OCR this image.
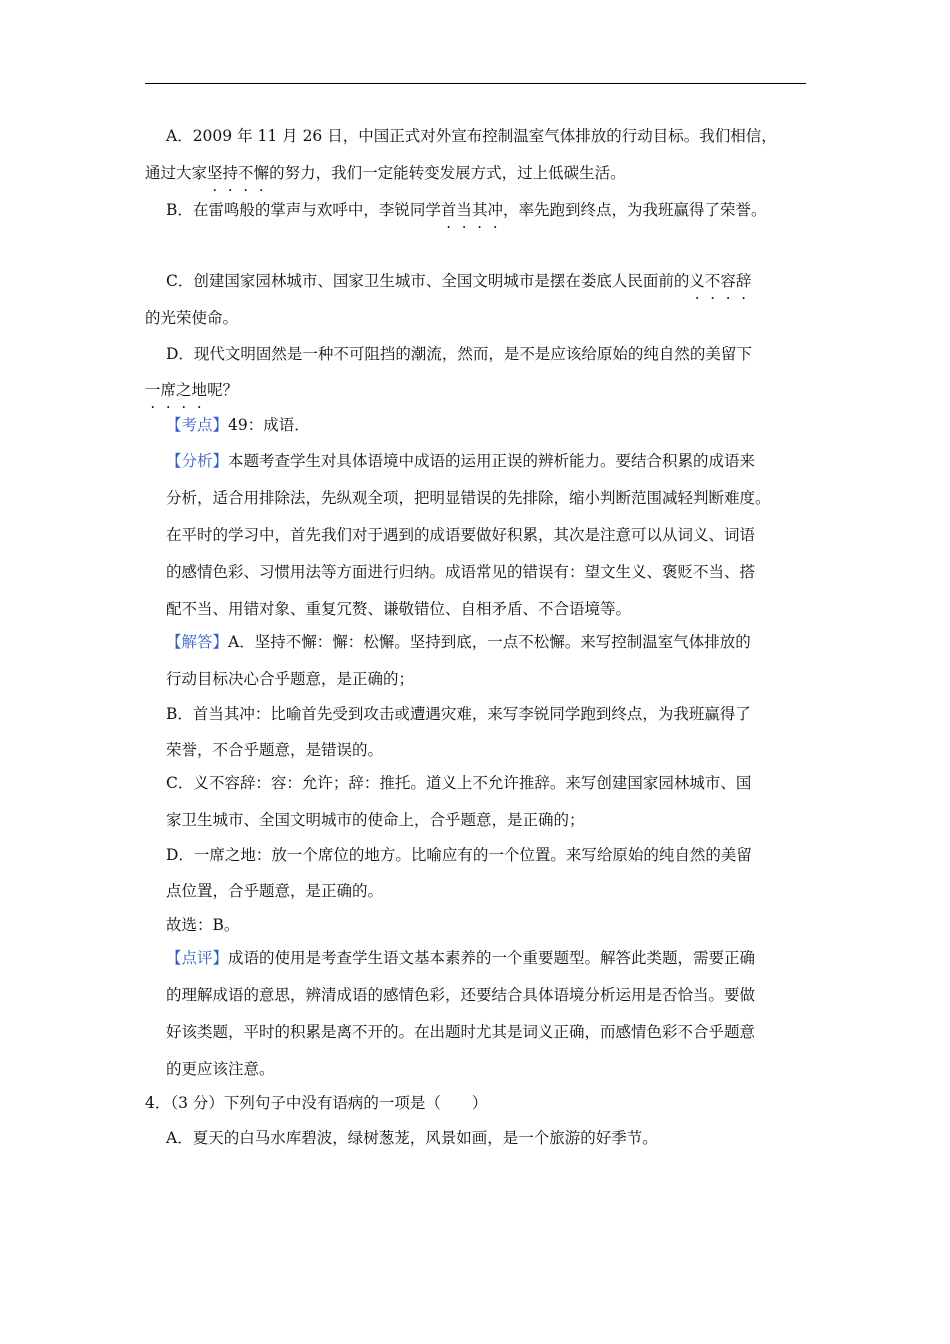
A．2009 年 11 月 26 日，中国正式对外宣布控制温室气体排放的行动目标。我们相信，
通过大家坚持不懈的努力，我们一定能转变发展方式，过上低碳生活。
B．在雷鸣般的掌声与欢呼中，李锐同学首当其冲，率先跑到终点，为我班赢得了荣誉。
C．创建国家园林城市、国家卫生城市、全国文明城市是摆在娄底人民面前的义不容辞
的光荣使命。
D．现代文明固然是一种不可阻挡的潮流，然而，是不是应该给原始的纯自然的美留下
一席之地呢？
【考点】49：成语．
【分析】本题考查学生对具体语境中成语的运用正误的辨析能力。要结合积累的成语来
分析，适合用排除法，先纵观全项，把明显错误的先排除，缩小判断范围减轻判断难度。
在平时的学习中，首先我们对于遇到的成语要做好积累，其次是注意可以从词义、词语
的感情色彩、习惯用法等方面进行归纳。成语常见的错误有：望文生义、褒贬不当、搭
配不当、用错对象、重复冗赘、谦敬错位、自相矛盾、不合语境等。
【解答】A．坚持不懈：懈：松懈。坚持到底，一点不松懈。来写控制温室气体排放的
行动目标决心合乎题意，是正确的；
B．首当其冲：比喻首先受到攻击或遭遇灾难，来写李锐同学跑到终点，为我班赢得了
荣誉，不合乎题意，是错误的。
C．义不容辞：容：允许；辞：推托。道义上不允许推辞。来写创建国家园林城市、国
家卫生城市、全国文明城市的使命上，合乎题意，是正确的；
D．一席之地：放一个席位的地方。比喻应有的一个位置。来写给原始的纯自然的美留
点位置，合乎题意，是正确的。
故选：B。
【点评】成语的使用是考查学生语文基本素养的一个重要题型。解答此类题，需要正确
的理解成语的意思，辨清成语的感情色彩，还要结合具体语境分析运用是否恰当。要做
好该类题，平时的积累是离不开的。在出题时尤其是词义正确，而感情色彩不合乎题意
的更应该注意。
4．（3 分）下列句子中没有语病的一项是（　　）
A．夏天的白马水库碧波，绿树葱茏，风景如画，是一个旅游的好季节。
